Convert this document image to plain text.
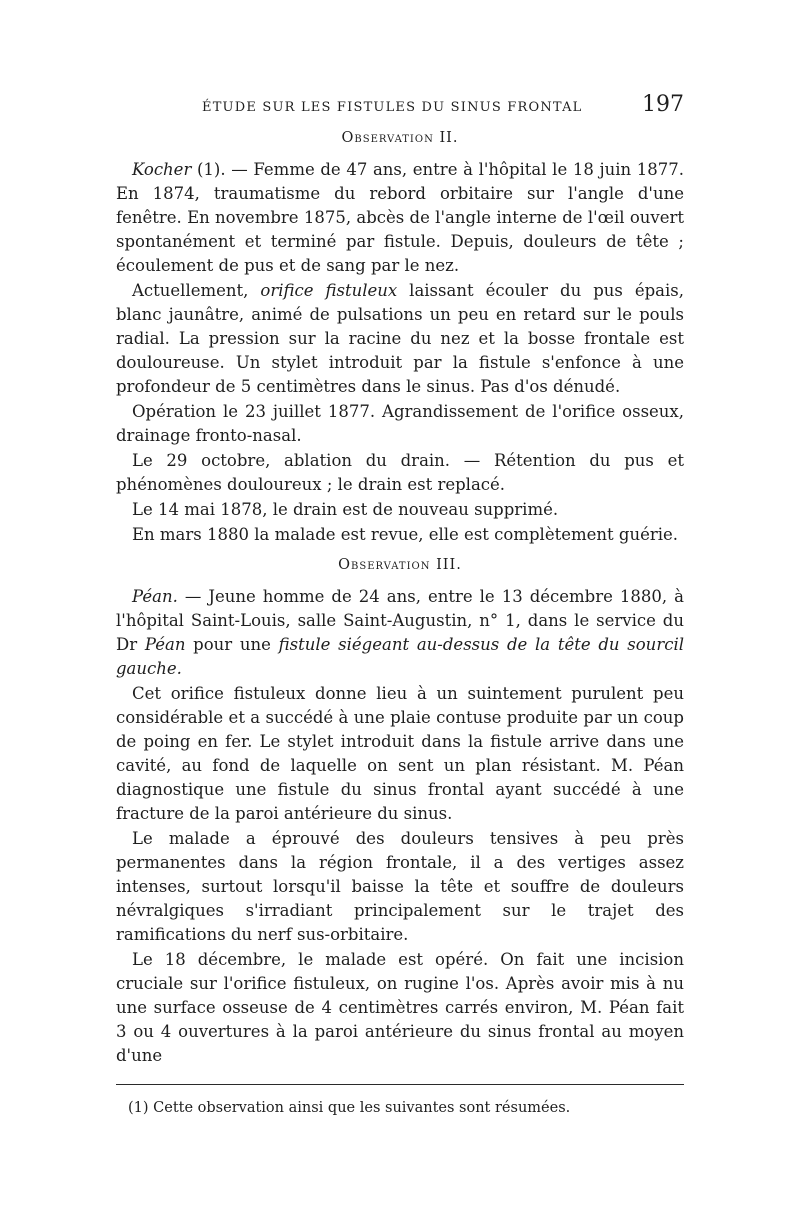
ÉTUDE SUR LES FISTULES DU SINUS FRONTAL	197

Observation II.

Kocher (1). — Femme de 47 ans, entre à l'hôpital le 18 juin 1877. En 1874, traumatisme du rebord orbitaire sur l'angle d'une fenêtre. En novembre 1875, abcès de l'angle interne de l'œil ouvert spontanément et terminé par fistule. Depuis, douleurs de tête ; écoulement de pus et de sang par le nez.

Actuellement, orifice fistuleux laissant écouler du pus épais, blanc jaunâtre, animé de pulsations un peu en retard sur le pouls radial. La pression sur la racine du nez et la bosse frontale est douloureuse. Un stylet introduit par la fistule s'enfonce à une profondeur de 5 centimètres dans le sinus. Pas d'os dénudé.

Opération le 23 juillet 1877. Agrandissement de l'orifice osseux, drainage fronto-nasal.

Le 29 octobre, ablation du drain. — Rétention du pus et phénomènes douloureux ; le drain est replacé.

Le 14 mai 1878, le drain est de nouveau supprimé.

En mars 1880 la malade est revue, elle est complètement guérie.

Observation III.

Péan. — Jeune homme de 24 ans, entre le 13 décembre 1880, à l'hôpital Saint-Louis, salle Saint-Augustin, n° 1, dans le service du Dr Péan pour une fistule siégeant au-dessus de la tête du sourcil gauche.

Cet orifice fistuleux donne lieu à un suintement purulent peu considérable et a succédé à une plaie contuse produite par un coup de poing en fer. Le stylet introduit dans la fistule arrive dans une cavité, au fond de laquelle on sent un plan résistant. M. Péan diagnostique une fistule du sinus frontal ayant succédé à une fracture de la paroi antérieure du sinus.

Le malade a éprouvé des douleurs tensives à peu près permanentes dans la région frontale, il a des vertiges assez intenses, surtout lorsqu'il baisse la tête et souffre de douleurs névralgiques s'irradiant principalement sur le trajet des ramifications du nerf sus-orbitaire.

Le 18 décembre, le malade est opéré. On fait une incision cruciale sur l'orifice fistuleux, on rugine l'os. Après avoir mis à nu une surface osseuse de 4 centimètres carrés environ, M. Péan fait 3 ou 4 ouvertures à la paroi antérieure du sinus frontal au moyen d'une

(1) Cette observation ainsi que les suivantes sont résumées.
